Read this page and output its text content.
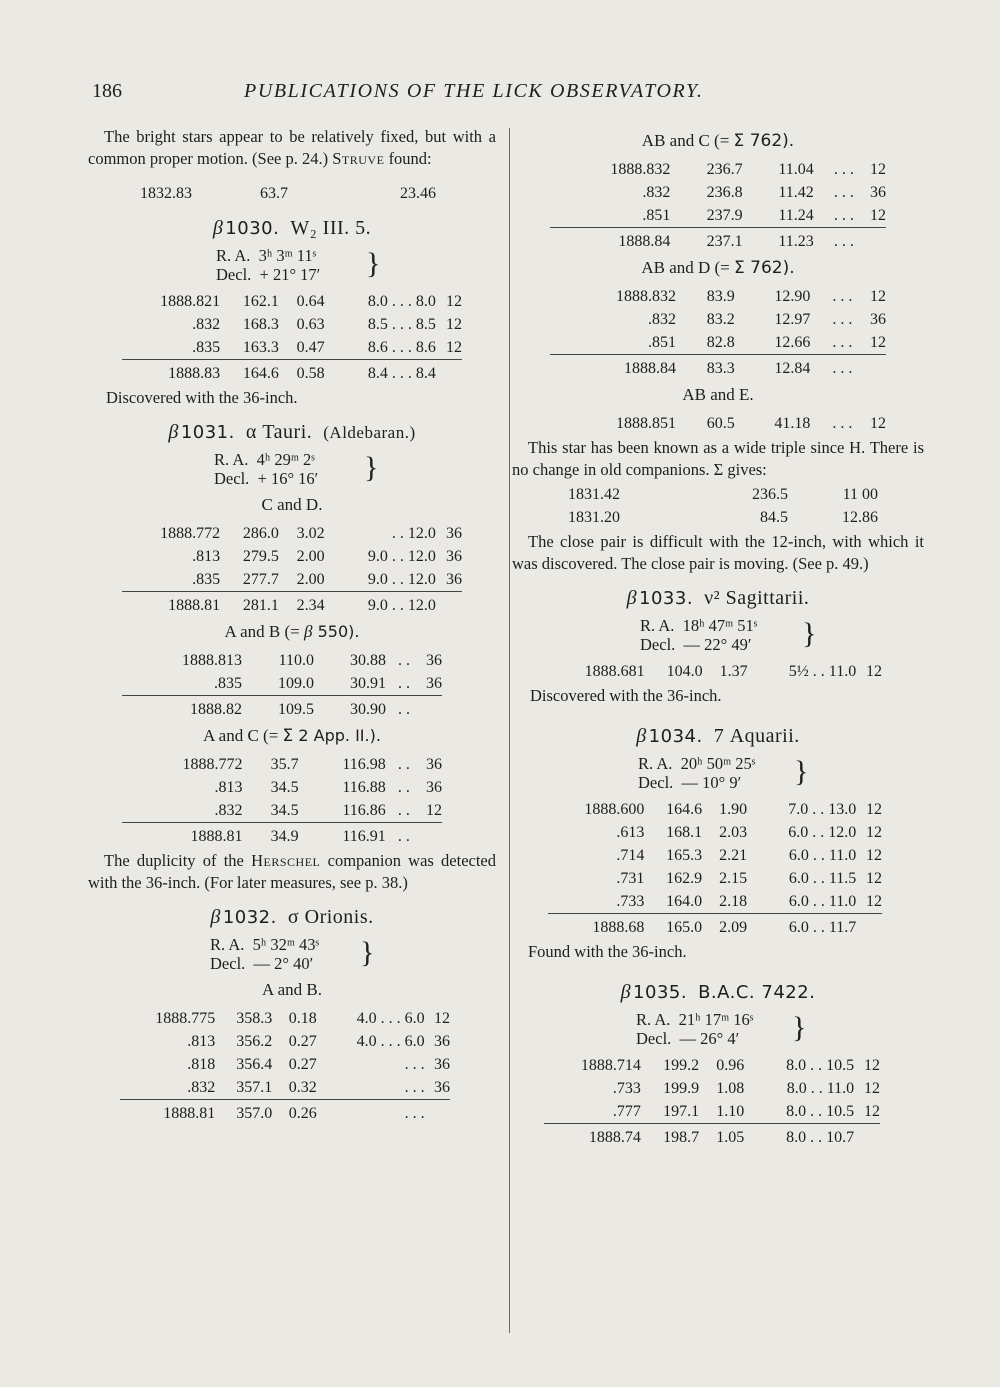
186	PUBLICATIONS OF THE LICK OBSERVATORY.

The bright stars appear to be relatively fixed, but with a common proper motion. (See p. 24.) Struve found:

1832.83	63.7	23.46
β 1030. W₂ III. 5.
R. A. 3ʰ 3ᵐ 11ˢ
Decl. + 21° 17′	}
1888.821	162.1	0.64	8.0 . . . 8.0	12
.832	168.3	0.63	8.5 . . . 8.5	12
.835	163.3	0.47	8.6 . . . 8.6	12
1888.83	164.6	0.58	8.4 . . . 8.4	

Discovered with the 36-inch.

β 1031. α Tauri. (Aldebaran.)
R. A. 4ʰ 29ᵐ 2ˢ
Decl. + 16° 16′	}
C and D.
1888.772	286.0	3.02	. . 12.0	36
.813	279.5	2.00	9.0 . . 12.0	36
.835	277.7	2.00	9.0 . . 12.0	36
1888.81	281.1	2.34	9.0 . . 12.0	
A and B (= β 550).
1888.813	110.0	30.88	. .	36
.835	109.0	30.91	. .	36
1888.82	109.5	30.90	. .	
A and C (= Σ 2 App. II.).
1888.772	35.7	116.98	. .	36
.813	34.5	116.88	. .	36
.832	34.5	116.86	. .	12
1888.81	34.9	116.91	. .	

The duplicity of the Herschel companion was detected with the 36-inch. (For later measures, see p. 38.)

β 1032. σ Orionis.
R. A. 5ʰ 32ᵐ 43ˢ
Decl. — 2° 40′	}
A and B.
1888.775	358.3	0.18	4.0 . . . 6.0	12
.813	356.2	0.27	4.0 . . . 6.0	36
.818	356.4	0.27	. . .	36
.832	357.1	0.32	. . .	36
1888.81	357.0	0.26	. . .	
AB and C (= Σ 762).
1888.832	236.7	11.04	. . .	12
.832	236.8	11.42	. . .	36
.851	237.9	11.24	. . .	12
1888.84	237.1	11.23	. . .	
AB and D (= Σ 762).
1888.832	83.9	12.90	. . .	12
.832	83.2	12.97	. . .	36
.851	82.8	12.66	. . .	12
1888.84	83.3	12.84	. . .	
AB and E.
1888.851	60.5	41.18	. . .	12

This star has been known as a wide triple since H. There is no change in old companions. Σ gives:

1831.42	236.5	11 00
1831.20	84.5	12.86

The close pair is difficult with the 12-inch, with which it was discovered. The close pair is moving. (See p. 49.)

β 1033. ν² Sagittarii.
R. A. 18ʰ 47ᵐ 51ˢ
Decl. — 22° 49′	}
1888.681	104.0	1.37	5½ . . 11.0	12

Discovered with the 36-inch.

β 1034. 7 Aquarii.
R. A. 20ʰ 50ᵐ 25ˢ
Decl. — 10° 9′	}
1888.600	164.6	1.90	7.0 . . 13.0	12
.613	168.1	2.03	6.0 . . 12.0	12
.714	165.3	2.21	6.0 . . 11.0	12
.731	162.9	2.15	6.0 . . 11.5	12
.733	164.0	2.18	6.0 . . 11.0	12
1888.68	165.0	2.09	6.0 . . 11.7	

Found with the 36-inch.

β 1035. B.A.C. 7422.
R. A. 21ʰ 17ᵐ 16ˢ
Decl. — 26° 4′	}
1888.714	199.2	0.96	8.0 . . 10.5	12
.733	199.9	1.08	8.0 . . 11.0	12
.777	197.1	1.10	8.0 . . 10.5	12
1888.74	198.7	1.05	8.0 . . 10.7	
